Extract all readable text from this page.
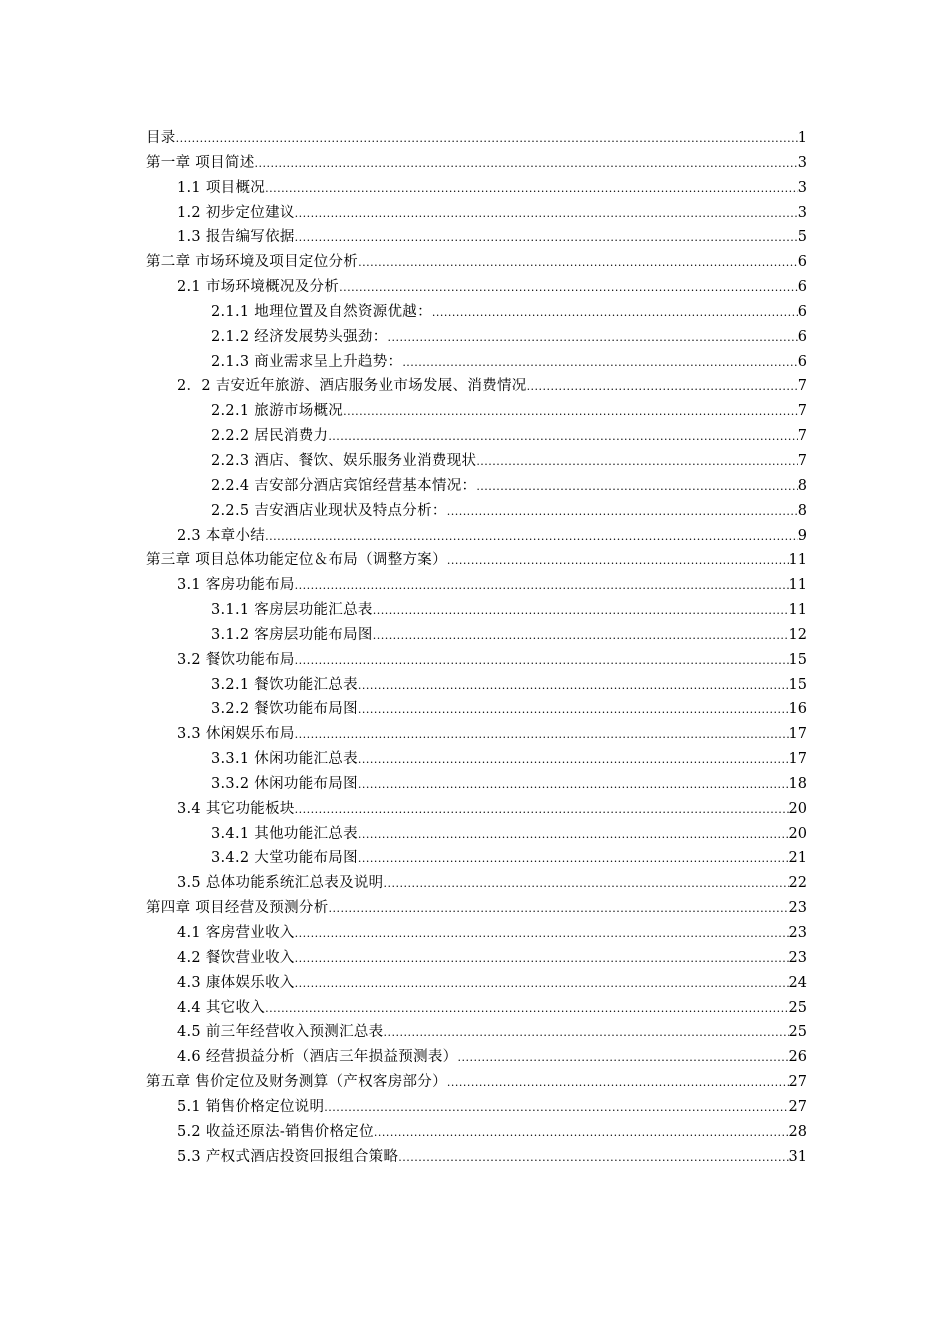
目录 .....	1
第一章 项目简述 .....	3
1.1 项目概况 .....	3
1.2 初步定位建议 .....	3
1.3 报告编写依据 .....	5
第二章 市场环境及项目定位分析 .....	6
2.1 市场环境概况及分析 .....	6
2.1.1 地理位置及自然资源优越： .....	6
2.1.2 经济发展势头强劲： .....	6
2.1.3 商业需求呈上升趋势： .....	6
2．2 吉安近年旅游、酒店服务业市场发展、消费情况 .....	7
2.2.1 旅游市场概况 .....	7
2.2.2 居民消费力 .....	7
2.2.3 酒店、餐饮、娱乐服务业消费现状 .....	7
2.2.4 吉安部分酒店宾馆经营基本情况： .....	8
2.2.5 吉安酒店业现状及特点分析： .....	8
2.3 本章小结 .....	9
第三章 项目总体功能定位＆布局（调整方案） .....	11
3.1 客房功能布局 .....	11
3.1.1 客房层功能汇总表 .....	11
3.1.2 客房层功能布局图 .....	12
3.2 餐饮功能布局 .....	15
3.2.1 餐饮功能汇总表 .....	15
3.2.2 餐饮功能布局图 .....	16
3.3 休闲娱乐布局 .....	17
3.3.1 休闲功能汇总表 .....	17
3.3.2 休闲功能布局图 .....	18
3.4 其它功能板块 .....	20
3.4.1 其他功能汇总表 .....	20
3.4.2 大堂功能布局图 .....	21
3.5 总体功能系统汇总表及说明 .....	22
第四章 项目经营及预测分析 .....	23
4.1 客房营业收入 .....	23
4.2 餐饮营业收入 .....	23
4.3 康体娱乐收入 .....	24
4.4 其它收入 .....	25
4.5 前三年经营收入预测汇总表 .....	25
4.6 经营损益分析（酒店三年损益预测表） .....	26
第五章 售价定位及财务测算（产权客房部分） .....	27
5.1 销售价格定位说明 .....	27
5.2 收益还原法-销售价格定位 .....	28
5.3 产权式酒店投资回报组合策略 .....	31
